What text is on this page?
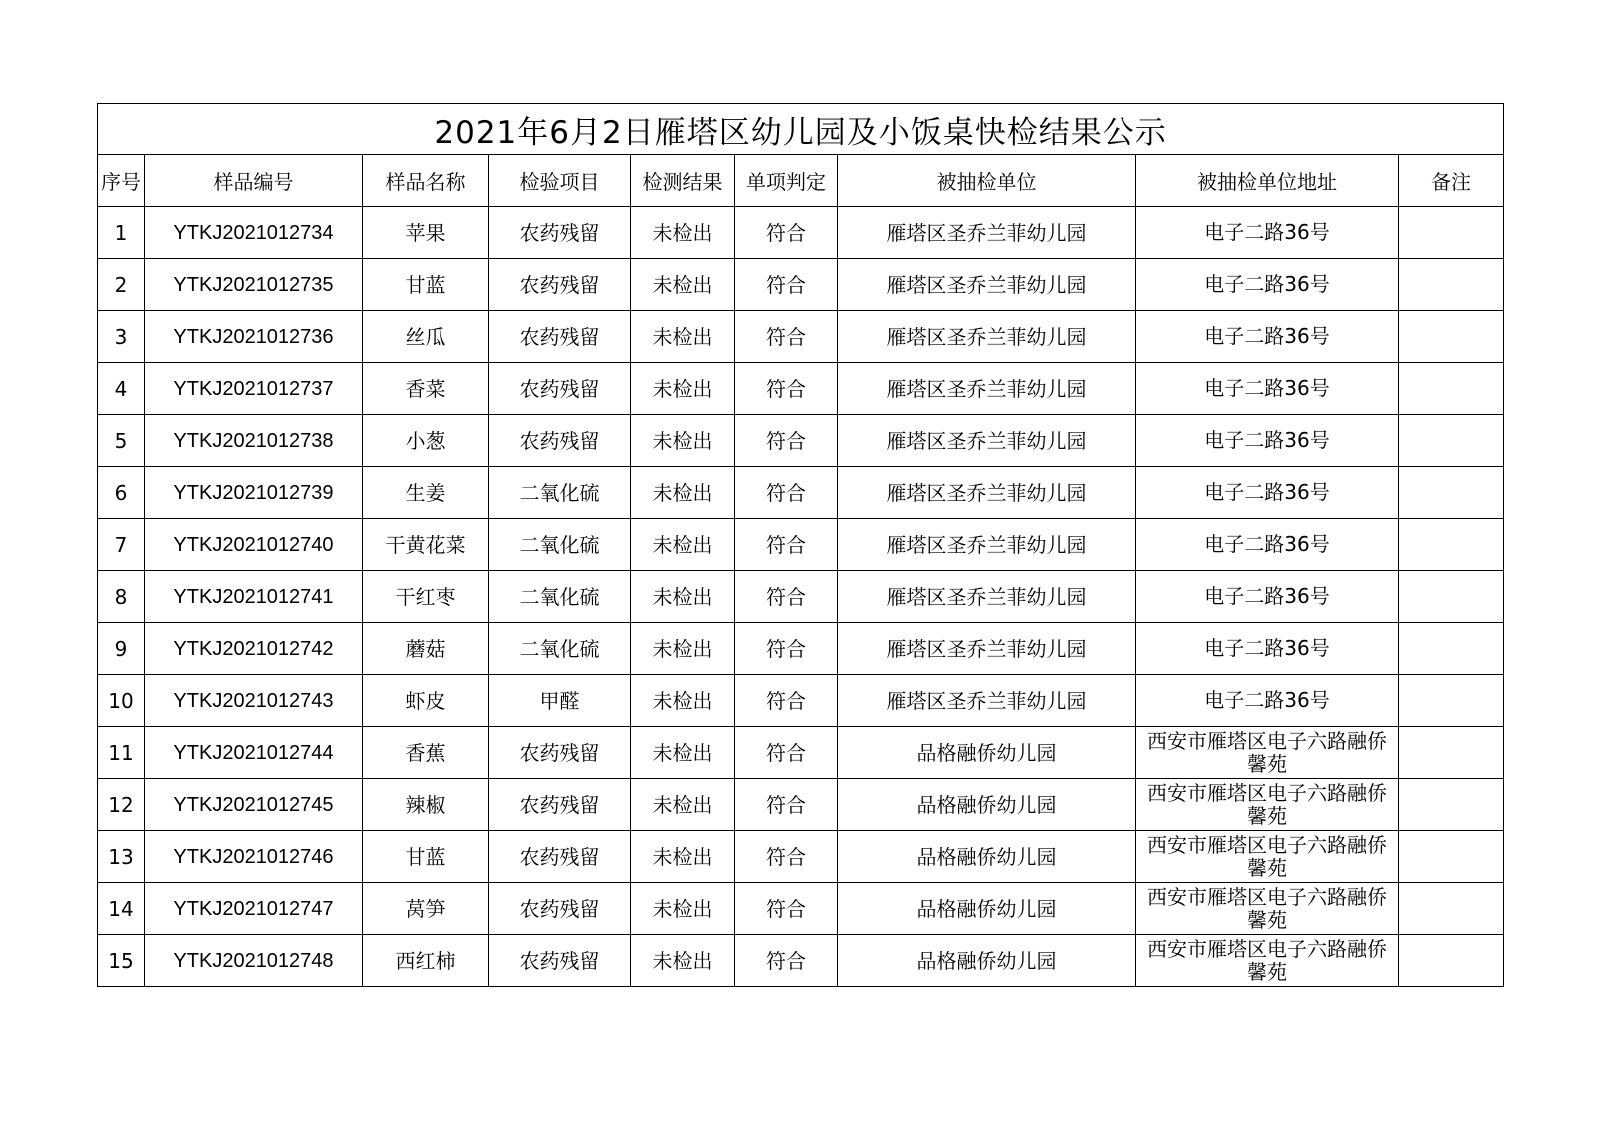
2021年6月2日雁塔区幼儿园及小饭桌快检结果公示								
序号	样品编号	样品名称	检验项目	检测结果	单项判定	被抽检单位	被抽检单位地址	备注
1	YTKJ2021012734	苹果	农药残留	未检出	符合	雁塔区圣乔兰菲幼儿园	电子二路36号	
2	YTKJ2021012735	甘蓝	农药残留	未检出	符合	雁塔区圣乔兰菲幼儿园	电子二路36号	
3	YTKJ2021012736	丝瓜	农药残留	未检出	符合	雁塔区圣乔兰菲幼儿园	电子二路36号	
4	YTKJ2021012737	香菜	农药残留	未检出	符合	雁塔区圣乔兰菲幼儿园	电子二路36号	
5	YTKJ2021012738	小葱	农药残留	未检出	符合	雁塔区圣乔兰菲幼儿园	电子二路36号	
6	YTKJ2021012739	生姜	二氧化硫	未检出	符合	雁塔区圣乔兰菲幼儿园	电子二路36号	
7	YTKJ2021012740	干黄花菜	二氧化硫	未检出	符合	雁塔区圣乔兰菲幼儿园	电子二路36号	
8	YTKJ2021012741	干红枣	二氧化硫	未检出	符合	雁塔区圣乔兰菲幼儿园	电子二路36号	
9	YTKJ2021012742	蘑菇	二氧化硫	未检出	符合	雁塔区圣乔兰菲幼儿园	电子二路36号	
10	YTKJ2021012743	虾皮	甲醛	未检出	符合	雁塔区圣乔兰菲幼儿园	电子二路36号	
11	YTKJ2021012744	香蕉	农药残留	未检出	符合	品格融侨幼儿园	西安市雁塔区电子六路融侨馨苑	
12	YTKJ2021012745	辣椒	农药残留	未检出	符合	品格融侨幼儿园	西安市雁塔区电子六路融侨馨苑	
13	YTKJ2021012746	甘蓝	农药残留	未检出	符合	品格融侨幼儿园	西安市雁塔区电子六路融侨馨苑	
14	YTKJ2021012747	莴笋	农药残留	未检出	符合	品格融侨幼儿园	西安市雁塔区电子六路融侨馨苑	
15	YTKJ2021012748	西红柿	农药残留	未检出	符合	品格融侨幼儿园	西安市雁塔区电子六路融侨馨苑	
